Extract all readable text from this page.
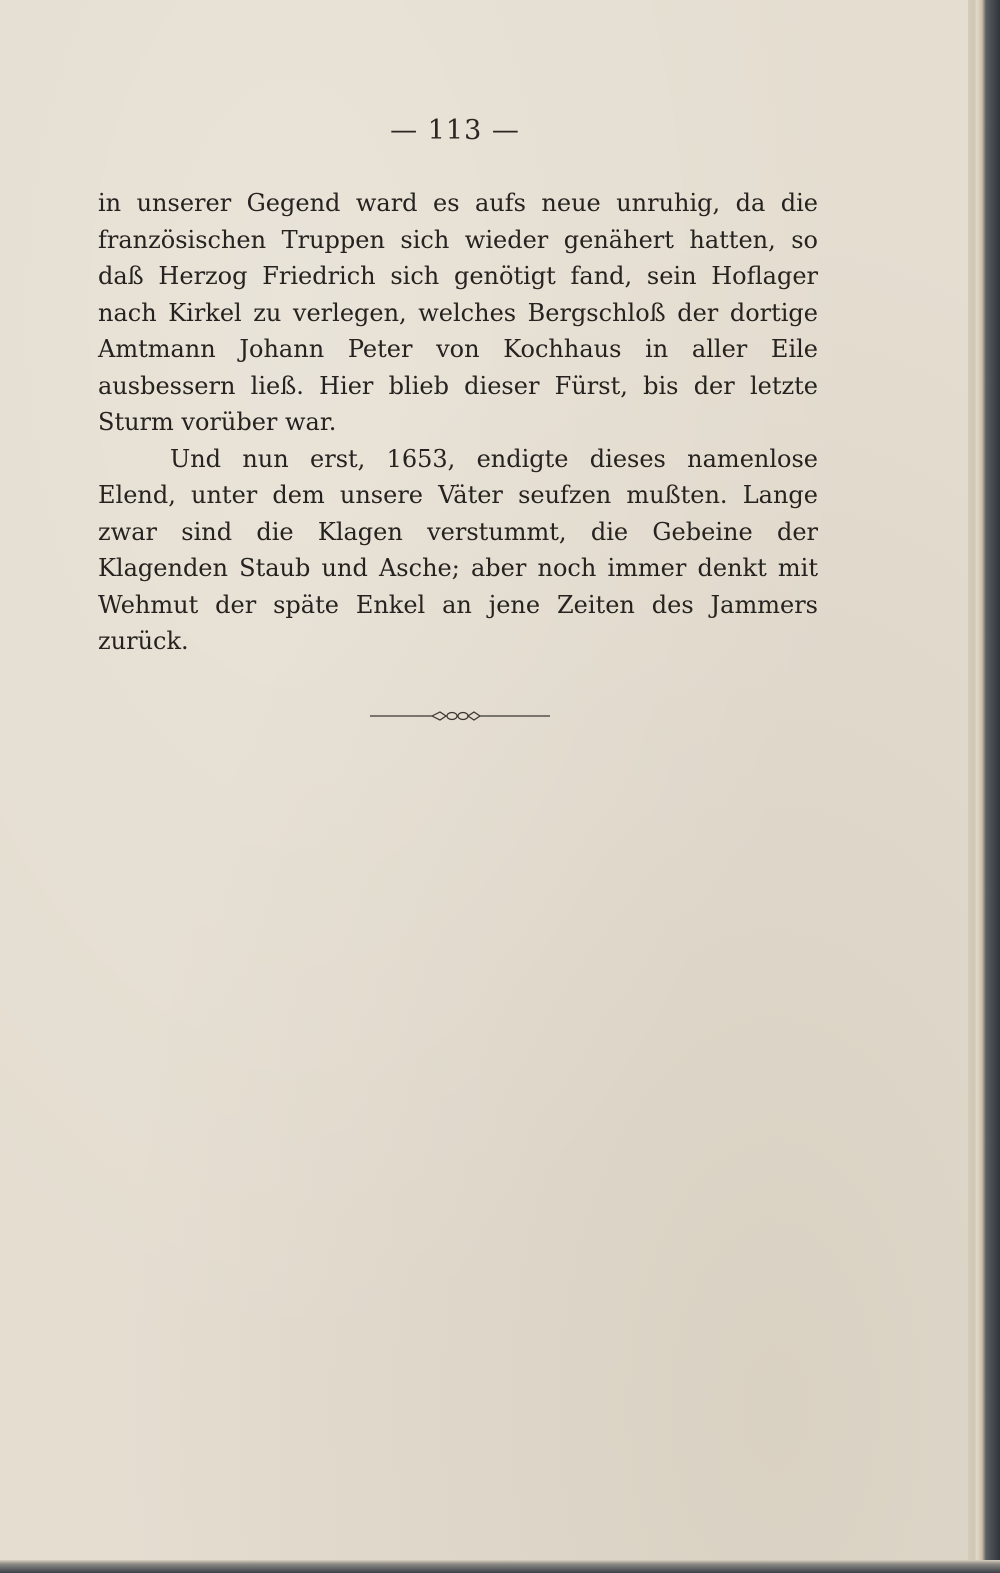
— 113 —

in unserer Gegend ward es aufs neue unruhig, da die französischen Truppen sich wieder genähert hatten, so daß Herzog Friedrich sich genötigt fand, sein Hoflager nach Kirkel zu verlegen, welches Bergschloß der dortige Amtmann Johann Peter von Kochhaus in aller Eile ausbessern ließ. Hier blieb dieser Fürst, bis der letzte Sturm vorüber war.

Und nun erst, 1653, endigte dieses namenlose Elend, unter dem unsere Väter seufzen mußten. Lange zwar sind die Klagen verstummt, die Gebeine der Klagenden Staub und Asche; aber noch immer denkt mit Wehmut der späte Enkel an jene Zeiten des Jammers zurück.
